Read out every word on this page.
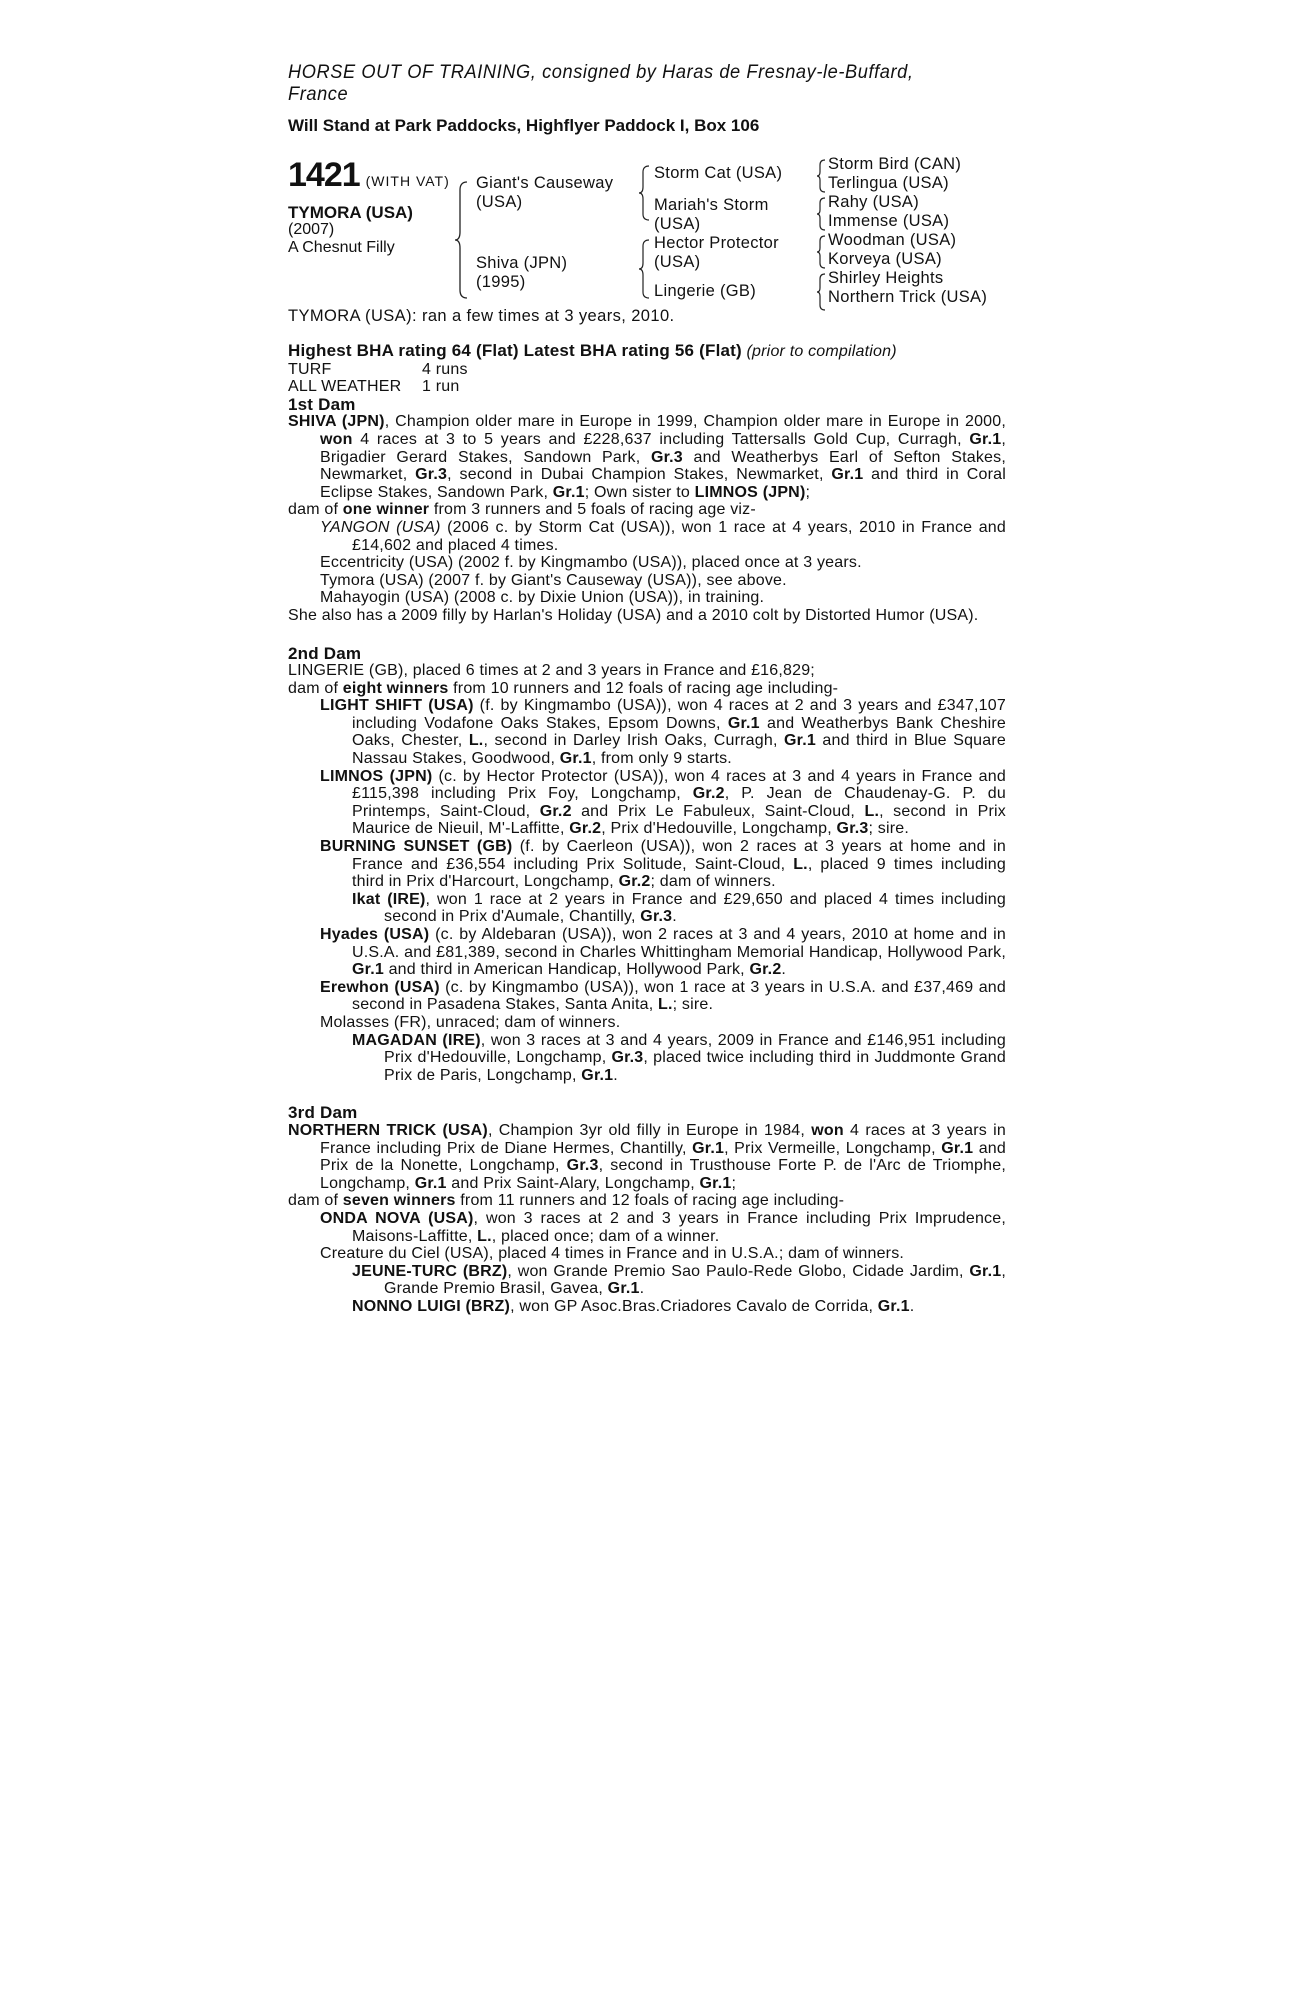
HORSE OUT OF TRAINING, consigned by Haras de Fresnay-le-Buffard, France
Will Stand at Park Paddocks, Highflyer Paddock I, Box 106
1421 (WITH VAT)
TYMORA (USA)
(2007)
A Chesnut Filly
Giant's Causeway
(USA)
Shiva (JPN)
(1995)
Storm Cat (USA)
Mariah's Storm
(USA)
Hector Protector
(USA)
Lingerie (GB)
Storm Bird (CAN)
Terlingua (USA)
Rahy (USA)
Immense (USA)
Woodman (USA)
Korveya (USA)
Shirley Heights
Northern Trick (USA)
TYMORA (USA): ran a few times at 3 years, 2010.

Highest BHA rating 64 (Flat) Latest BHA rating 56 (Flat) (prior to compilation)

TURF	4 runs

ALL WEATHER 1 run

1st Dam

SHIVA (JPN), Champion older mare in Europe in 1999, Champion older mare in Europe in 2000, won 4 races at 3 to 5 years and £228,637 including Tattersalls Gold Cup, Curragh, Gr.1, Brigadier Gerard Stakes, Sandown Park, Gr.3 and Weatherbys Earl of Sefton Stakes, Newmarket, Gr.3, second in Dubai Champion Stakes, Newmarket, Gr.1 and third in Coral Eclipse Stakes, Sandown Park, Gr.1; Own sister to LIMNOS (JPN);

dam of one winner from 3 runners and 5 foals of racing age viz-

YANGON (USA) (2006 c. by Storm Cat (USA)), won 1 race at 4 years, 2010 in France and £14,602 and placed 4 times.

Eccentricity (USA) (2002 f. by Kingmambo (USA)), placed once at 3 years.

Tymora (USA) (2007 f. by Giant's Causeway (USA)), see above.

Mahayogin (USA) (2008 c. by Dixie Union (USA)), in training.

She also has a 2009 filly by Harlan's Holiday (USA) and a 2010 colt by Distorted Humor (USA).

2nd Dam

LINGERIE (GB), placed 6 times at 2 and 3 years in France and £16,829;

dam of eight winners from 10 runners and 12 foals of racing age including-

LIGHT SHIFT (USA) (f. by Kingmambo (USA)), won 4 races at 2 and 3 years and £347,107 including Vodafone Oaks Stakes, Epsom Downs, Gr.1 and Weatherbys Bank Cheshire Oaks, Chester, L., second in Darley Irish Oaks, Curragh, Gr.1 and third in Blue Square Nassau Stakes, Goodwood, Gr.1, from only 9 starts.

LIMNOS (JPN) (c. by Hector Protector (USA)), won 4 races at 3 and 4 years in France and £115,398 including Prix Foy, Longchamp, Gr.2, P. Jean de Chaudenay-G. P. du Printemps, Saint-Cloud, Gr.2 and Prix Le Fabuleux, Saint-Cloud, L., second in Prix Maurice de Nieuil, M'-Laffitte, Gr.2, Prix d'Hedouville, Longchamp, Gr.3; sire.

BURNING SUNSET (GB) (f. by Caerleon (USA)), won 2 races at 3 years at home and in France and £36,554 including Prix Solitude, Saint-Cloud, L., placed 9 times including third in Prix d'Harcourt, Longchamp, Gr.2; dam of winners.

Ikat (IRE), won 1 race at 2 years in France and £29,650 and placed 4 times including second in Prix d'Aumale, Chantilly, Gr.3.

Hyades (USA) (c. by Aldebaran (USA)), won 2 races at 3 and 4 years, 2010 at home and in U.S.A. and £81,389, second in Charles Whittingham Memorial Handicap, Hollywood Park, Gr.1 and third in American Handicap, Hollywood Park, Gr.2.

Erewhon (USA) (c. by Kingmambo (USA)), won 1 race at 3 years in U.S.A. and £37,469 and second in Pasadena Stakes, Santa Anita, L.; sire.

Molasses (FR), unraced; dam of winners.

MAGADAN (IRE), won 3 races at 3 and 4 years, 2009 in France and £146,951 including Prix d'Hedouville, Longchamp, Gr.3, placed twice including third in Juddmonte Grand Prix de Paris, Longchamp, Gr.1.

3rd Dam

NORTHERN TRICK (USA), Champion 3yr old filly in Europe in 1984, won 4 races at 3 years in France including Prix de Diane Hermes, Chantilly, Gr.1, Prix Vermeille, Longchamp, Gr.1 and Prix de la Nonette, Longchamp, Gr.3, second in Trusthouse Forte P. de l'Arc de Triomphe, Longchamp, Gr.1 and Prix Saint-Alary, Longchamp, Gr.1;

dam of seven winners from 11 runners and 12 foals of racing age including-

ONDA NOVA (USA), won 3 races at 2 and 3 years in France including Prix Imprudence, Maisons-Laffitte, L., placed once; dam of a winner.

Creature du Ciel (USA), placed 4 times in France and in U.S.A.; dam of winners.

JEUNE-TURC (BRZ), won Grande Premio Sao Paulo-Rede Globo, Cidade Jardim, Gr.1, Grande Premio Brasil, Gavea, Gr.1.

NONNO LUIGI (BRZ), won GP Asoc.Bras.Criadores Cavalo de Corrida, Gr.1.
